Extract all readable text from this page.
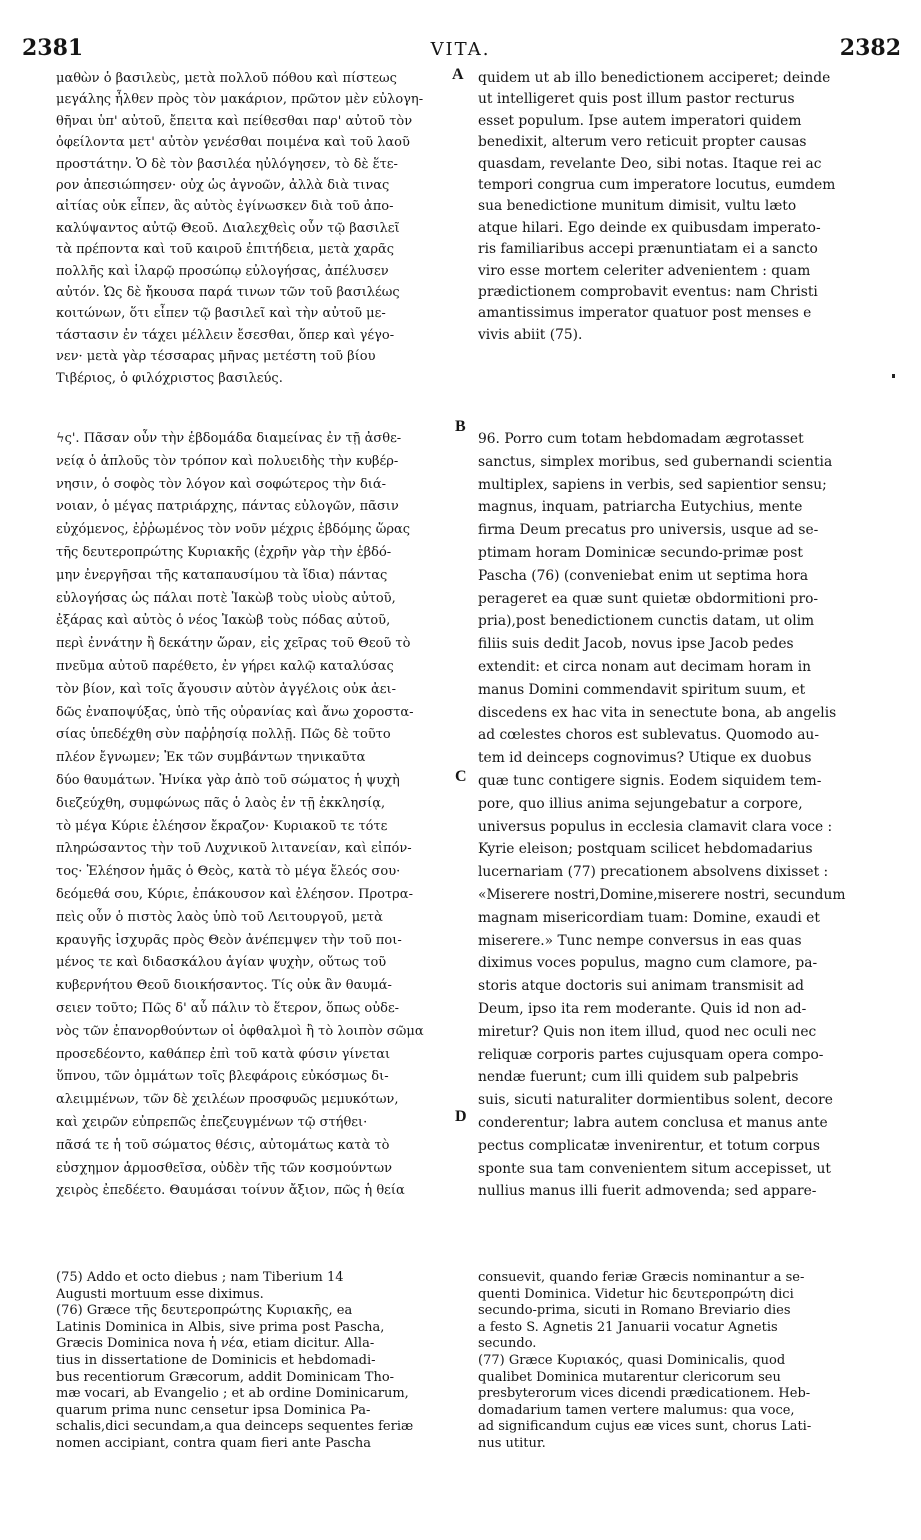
2381	VITA.	2382
A
B
C
D
μαθὼν ὁ βασιλεὺς, μετὰ πολλοῦ πόθου καὶ πίστεως
μεγάλης ἦλθεν πρὸς τὸν μακάριον, πρῶτον μὲν εὐλογη-
θῆναι ὑπ' αὐτοῦ, ἔπειτα καὶ πείθεσθαι παρ' αὐτοῦ τὸν
ὀφείλοντα μετ' αὐτὸν γενέσθαι ποιμένα καὶ τοῦ λαοῦ
προστάτην. Ὁ δὲ τὸν βασιλέα ηὐλόγησεν, τὸ δὲ ἕτε-
ρον ἀπεσιώπησεν· οὐχ ὡς ἀγνοῶν, ἀλλὰ διὰ τινας
αἰτίας οὐκ εἶπεν, ἃς αὐτὸς ἐγίνωσκεν διὰ τοῦ ἀπο-
καλύψαντος αὐτῷ Θεοῦ. Διαλεχθεὶς οὖν τῷ βασιλεῖ
τὰ πρέποντα καὶ τοῦ καιροῦ ἐπιτήδεια, μετὰ χαρᾶς
πολλῆς καὶ ἱλαρῷ προσώπῳ εὐλογήσας, ἀπέλυσεν
αὐτόν. Ὡς δὲ ἤκουσα παρά τινων τῶν τοῦ βασιλέως
κοιτώνων, ὅτι εἶπεν τῷ βασιλεῖ καὶ τὴν αὐτοῦ με-
τάστασιν ἐν τάχει μέλλειν ἔσεσθαι, ὅπερ καὶ γέγο-
νεν· μετὰ γὰρ τέσσαρας μῆνας μετέστη τοῦ βίου
Τιβέριος, ὁ φιλόχριστος βασιλεύς.
quidem ut ab illo benedictionem acciperet; deinde
ut intelligeret quis post illum pastor recturus
esset populum. Ipse autem imperatori quidem
benedixit, alterum vero reticuit propter causas
quasdam, revelante Deo, sibi notas. Itaque rei ac
tempori congrua cum imperatore locutus, eumdem
sua benedictione munitum dimisit, vultu læto
atque hilari. Ego deinde ex quibusdam imperato-
ris familiaribus accepi prænuntiatam ei a sancto
viro esse mortem celeriter advenientem : quam
prædictionem comprobavit eventus: nam Christi
amantissimus imperator quatuor post menses e
vivis abiit (75).
ϟς'. Πᾶσαν οὖν τὴν ἑβδομάδα διαμείνας ἐν τῇ ἀσθε-
νείᾳ ὁ ἁπλοῦς τὸν τρόπον καὶ πολυειδὴς τὴν κυβέρ-
νησιν, ὁ σοφὸς τὸν λόγον καὶ σοφώτερος τὴν διά-
νοιαν, ὁ μέγας πατριάρχης, πάντας εὐλογῶν, πᾶσιν
εὐχόμενος, ἐῤῥωμένος τὸν νοῦν μέχρις ἑβδόμης ὥρας
τῆς δευτεροπρώτης Κυριακῆς (ἐχρῆν γὰρ τὴν ἑβδό-
μην ἐνεργῆσαι τῆς καταπαυσίμου τὰ ἴδια) πάντας
εὐλογήσας ὡς πάλαι ποτὲ Ἰακὼβ τοὺς υἱοὺς αὐτοῦ,
ἐξάρας καὶ αὐτὸς ὁ νέος Ἰακὼβ τοὺς πόδας αὐτοῦ,
περὶ ἐννάτην ἢ δεκάτην ὥραν, εἰς χεῖρας τοῦ Θεοῦ τὸ
πνεῦμα αὐτοῦ παρέθετο, ἐν γήρει καλῷ καταλύσας
τὸν βίον, καὶ τοῖς ἄγουσιν αὐτὸν ἀγγέλοις οὐκ ἀει-
δῶς ἐναποψύξας, ὑπὸ τῆς οὐρανίας καὶ ἄνω χοροστα-
σίας ὑπεδέχθη σὺν παῤῥησίᾳ πολλῇ. Πῶς δὲ τοῦτο
πλέον ἔγνωμεν; Ἐκ τῶν συμβάντων τηνικαῦτα
δύο θαυμάτων. Ἡνίκα γὰρ ἀπὸ τοῦ σώματος ἡ ψυχὴ
διεζεύχθη, συμφώνως πᾶς ὁ λαὸς ἐν τῇ ἐκκλησίᾳ,
τὸ μέγα Κύριε ἐλέησον ἔκραζον· Κυριακοῦ τε τότε
πληρώσαντος τὴν τοῦ Λυχνικοῦ λιτανείαν, καὶ εἰπόν-
τος· Ἐλέησον ἡμᾶς ὁ Θεὸς, κατὰ τὸ μέγα ἔλεός σου·
δεόμεθά σου, Κύριε, ἐπάκουσον καὶ ἐλέησον. Προτρα-
πεὶς οὖν ὁ πιστὸς λαὸς ὑπὸ τοῦ Λειτουργοῦ, μετὰ
κραυγῆς ἰσχυρᾶς πρὸς Θεὸν ἀνέπεμψεν τὴν τοῦ ποι-
μένος τε καὶ διδασκάλου ἁγίαν ψυχὴν, οὕτως τοῦ
κυβερνήτου Θεοῦ διοικήσαντος. Τίς οὐκ ἂν θαυμά-
σειεν τοῦτο; Πῶς δ' αὖ πάλιν τὸ ἕτερον, ὅπως οὐδε-
νὸς τῶν ἐπανορθούντων οἱ ὀφθαλμοὶ ἢ τὸ λοιπὸν σῶμα
προσεδέοντο, καθάπερ ἐπὶ τοῦ κατὰ φύσιν γίνεται
ὕπνου, τῶν ὀμμάτων τοῖς βλεφάροις εὐκόσμως δι-
αλειμμένων, τῶν δὲ χειλέων προσφυῶς μεμυκότων,
καὶ χειρῶν εὐπρεπῶς ἐπεζευγμένων τῷ στήθει·
πᾶσά τε ἡ τοῦ σώματος θέσις, αὐτομάτως κατὰ τὸ
εὐσχημον ἁρμοσθεῖσα, οὐδὲν τῆς τῶν κοσμούντων
χειρὸς ἐπεδέετο. Θαυμάσαι τοίνυν ἄξιον, πῶς ἡ θεία
96. Porro cum totam hebdomadam ægrotasset
sanctus, simplex moribus, sed gubernandi scientia
multiplex, sapiens in verbis, sed sapientior sensu;
magnus, inquam, patriarcha Eutychius, mente
firma Deum precatus pro universis, usque ad se-
ptimam horam Dominicæ secundo-primæ post
Pascha (76) (conveniebat enim ut septima hora
perageret ea quæ sunt quietæ obdormitioni pro-
pria),post benedictionem cunctis datam, ut olim
filiis suis dedit Jacob, novus ipse Jacob pedes
extendit: et circa nonam aut decimam horam in
manus Domini commendavit spiritum suum, et
discedens ex hac vita in senectute bona, ab angelis
ad cœlestes choros est sublevatus. Quomodo au-
tem id deinceps cognovimus? Utique ex duobus
quæ tunc contigere signis. Eodem siquidem tem-
pore, quo illius anima sejungebatur a corpore,
universus populus in ecclesia clamavit clara voce :
Kyrie eleison; postquam scilicet hebdomadarius
lucernariam (77) precationem absolvens dixisset :
«Miserere nostri,Domine,miserere nostri, secundum
magnam misericordiam tuam: Domine, exaudi et
miserere.» Tunc nempe conversus in eas quas
diximus voces populus, magno cum clamore, pa-
storis atque doctoris sui animam transmisit ad
Deum, ipso ita rem moderante. Quis id non ad-
miretur? Quis non item illud, quod nec oculi nec
reliquæ corporis partes cujusquam opera compo-
nendæ fuerunt; cum illi quidem sub palpebris
suis, sicuti naturaliter dormientibus solent, decore
conderentur; labra autem conclusa et manus ante
pectus complicatæ invenirentur, et totum corpus
sponte sua tam convenientem situm accepisset, ut
nullius manus illi fuerit admovenda; sed appare-
(75) Addo et octo diebus ; nam Tiberium 14
Augusti mortuum esse diximus.
(76) Græce τῆς δευτεροπρώτης Κυριακῆς, ea
Latinis Dominica in Albis, sive prima post Pascha,
Græcis Dominica nova ἡ νέα, etiam dicitur. Alla-
tius in dissertatione de Dominicis et hebdomadi-
bus recentiorum Græcorum, addit Dominicam Tho-
mæ vocari, ab Evangelio ; et ab ordine Dominicarum,
quarum prima nunc censetur ipsa Dominica Pa-
schalis,dici secundam,a qua deinceps sequentes feriæ
nomen accipiant, contra quam fieri ante Pascha
consuevit, quando feriæ Græcis nominantur a se-
quenti Dominica. Videtur hic δευτεροπρώτη dici
secundo-prima, sicuti in Romano Breviario dies
a festo S. Agnetis 21 Januarii vocatur Agnetis
secundo.
(77) Græce Κυριακός, quasi Dominicalis, quod
qualibet Dominica mutarentur clericorum seu
presbyterorum vices dicendi prædicationem. Heb-
domadarium tamen vertere malumus: qua voce,
ad significandum cujus eæ vices sunt, chorus Lati-
nus utitur.
